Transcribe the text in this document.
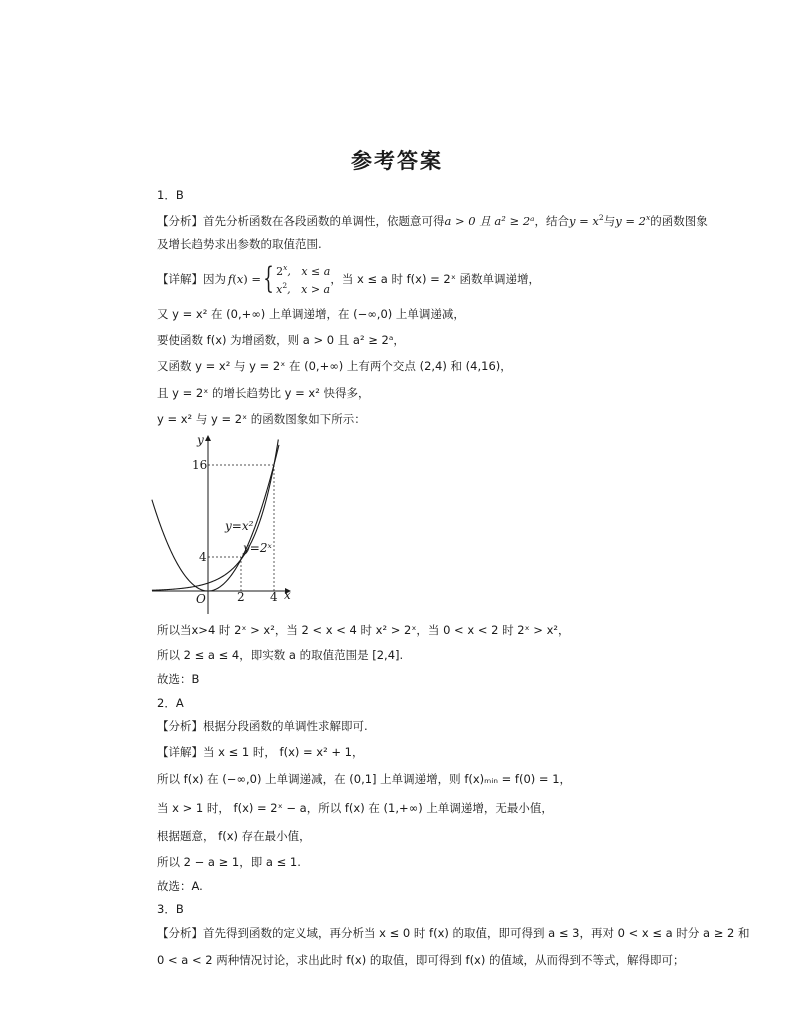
参考答案
1．B
【分析】首先分析函数在各段函数的单调性，依题意可得a > 0 且 a² ≥ 2ᵃ，结合$y = x^2$与$y = 2^x$的函数图象
及增长趋势求出参数的取值范围.
【详解】 因为 f ( x ) = { 2$^x$,   x ≤ a
$x^2$,   x > a
，当 x ≤ a 时 f(x) = 2ˣ 函数单调递增，
又 y = x² 在 (0,+∞) 上单调递增，在 (−∞,0) 上单调递减，
要使函数 f(x) 为增函数，则 a > 0 且 a² ≥ 2ᵃ，
又函数 y = x² 与 y = 2ˣ 在 (0,+∞) 上有两个交点 (2,4) 和 (4,16)，
且 y = 2ˣ 的增长趋势比 y = x² 快得多，
y = x² 与 y = 2ˣ 的函数图象如下所示：
y
x
O
16
4
2 4
y=x²
y=2ˣ
所以当x>4 时 2ˣ > x²，当 2 < x < 4 时 x² > 2ˣ，当 0 < x < 2 时 2ˣ > x²，
所以 2 ≤ a ≤ 4，即实数 a 的取值范围是 [2,4].
故选：B
2．A
【分析】根据分段函数的单调性求解即可.
【详解】当 x ≤ 1 时， f(x) = x² + 1，
所以 f(x) 在 (−∞,0) 上单调递减，在 (0,1] 上单调递增，则 f(x)ₘᵢₙ = f(0) = 1，
当 x > 1 时， f(x) = 2ˣ − a，所以 f(x) 在 (1,+∞) 上单调递增，无最小值，
根据题意， f(x) 存在最小值，
所以 2 − a ≥ 1，即 a ≤ 1.
故选：A.
3．B
【分析】首先得到函数的定义域，再分析当 x ≤ 0 时 f(x) 的取值，即可得到 a ≤ 3，再对 0 < x ≤ a 时分 a ≥ 2 和
0 < a < 2 两种情况讨论，求出此时 f(x) 的取值，即可得到 f(x) 的值域，从而得到不等式，解得即可；
